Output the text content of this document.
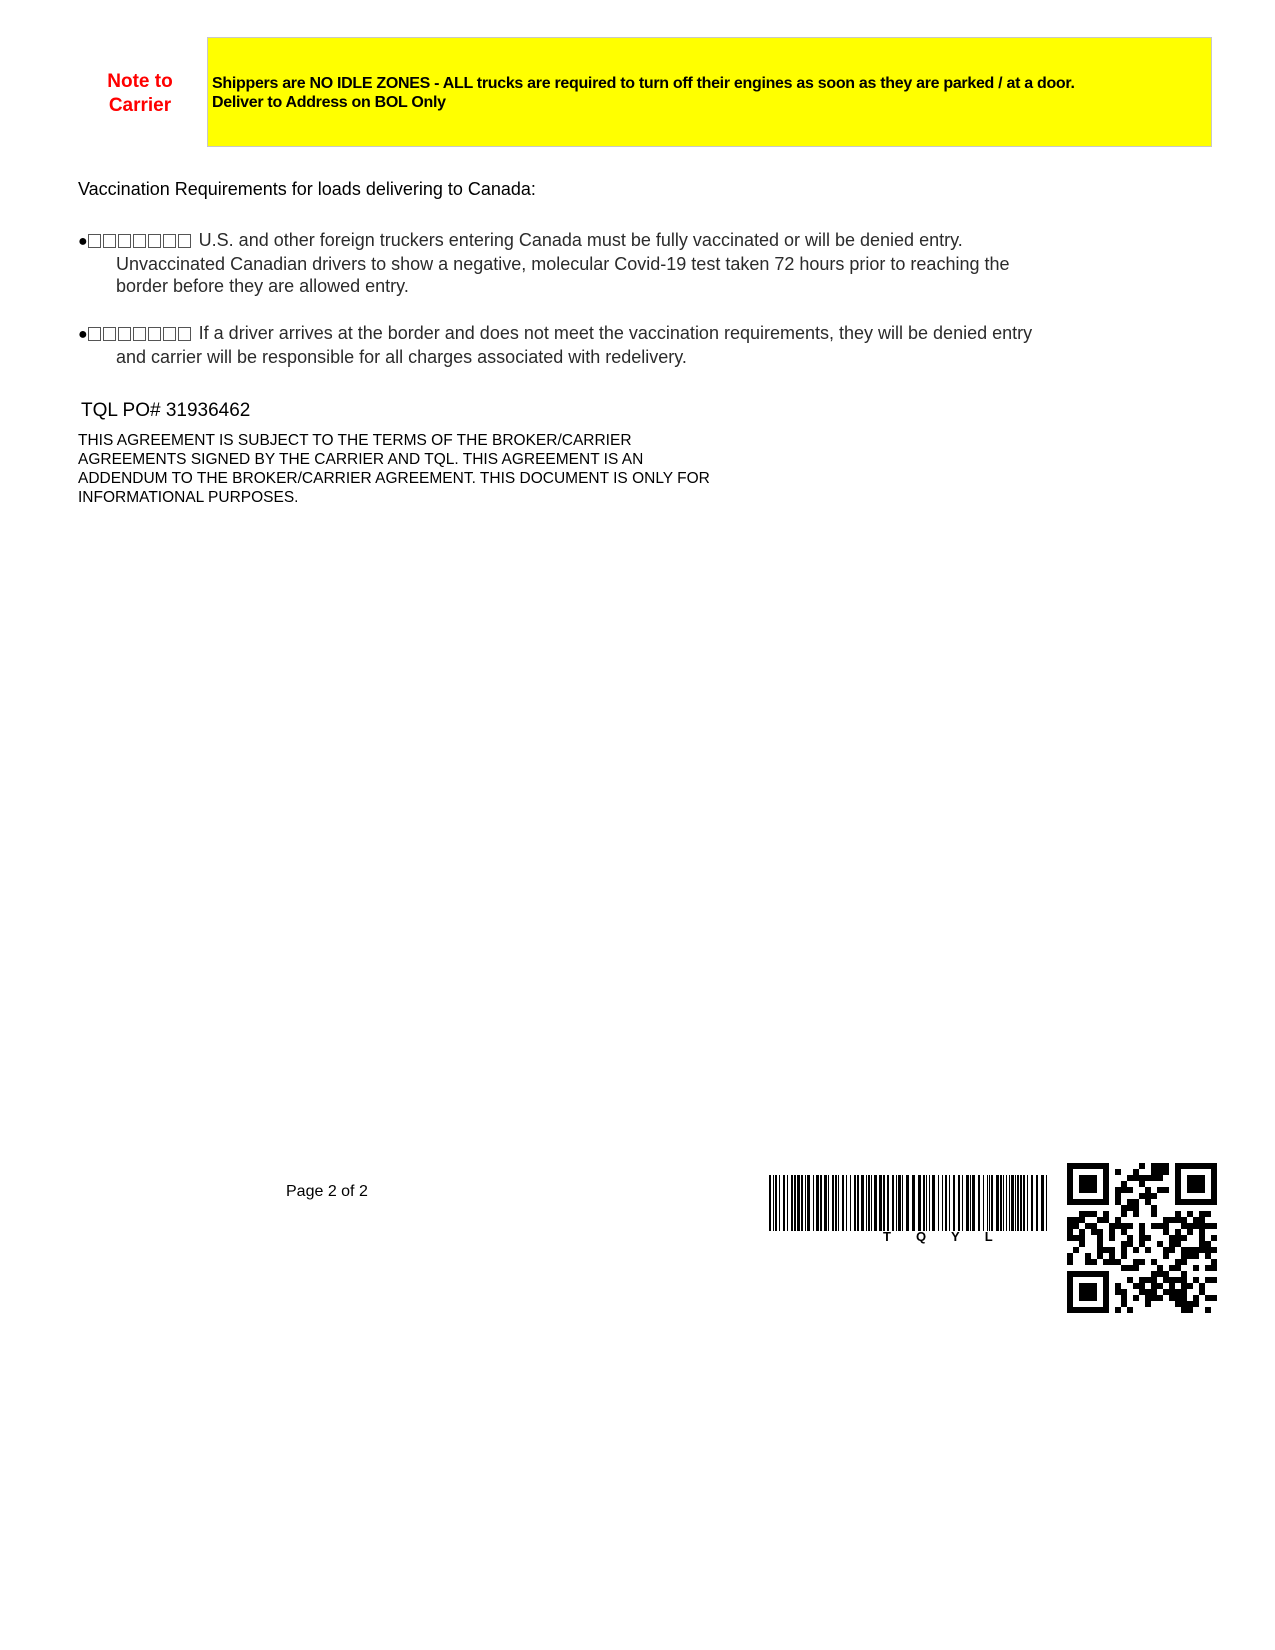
Note to
Carrier
Shippers are NO IDLE ZONES - ALL trucks are required to turn off their engines as soon as they are parked / at a door.
Deliver to Address on BOL Only
Vaccination Requirements for loads delivering to Canada:
●	U.S. and other foreign truckers entering Canada must be fully vaccinated or will be denied entry.
Unvaccinated Canadian drivers to show a negative, molecular Covid-19 test taken 72 hours prior to reaching the
border before they are allowed entry.
●	If a driver arrives at the border and does not meet the vaccination requirements, they will be denied entry
and carrier will be responsible for all charges associated with redelivery.
TQL PO# 31936462
THIS AGREEMENT IS SUBJECT TO THE TERMS OF THE BROKER/CARRIER
AGREEMENTS SIGNED BY THE CARRIER AND TQL. THIS AGREEMENT IS AN
ADDENDUM TO THE BROKER/CARRIER AGREEMENT. THIS DOCUMENT IS ONLY FOR
INFORMATIONAL PURPOSES.
Page 2 of 2
TQYL
